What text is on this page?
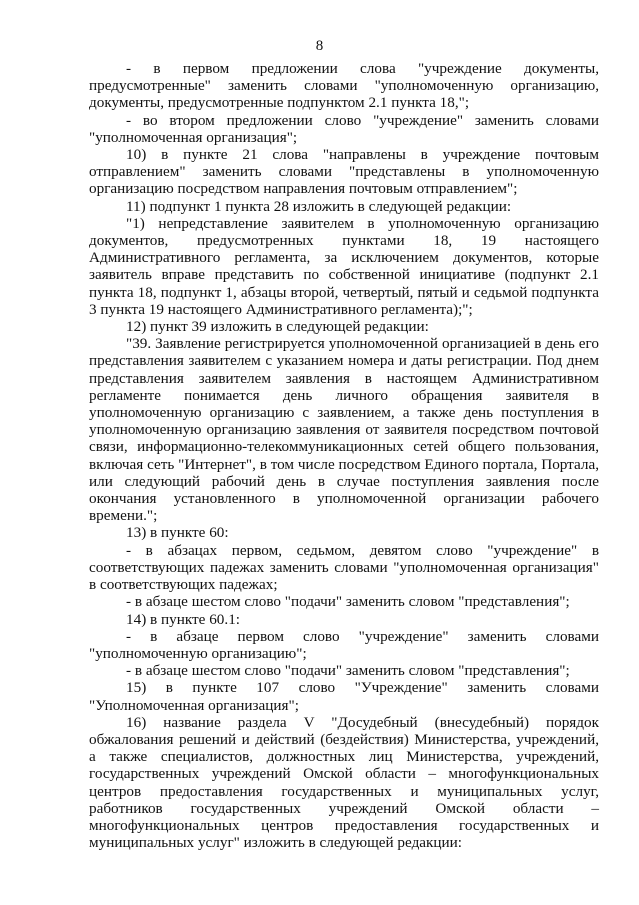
8

- в первом предложении слова "учреждение документы, предусмотренные" заменить словами "уполномоченную организацию, документы, предусмотренные подпунктом 2.1 пункта 18,";

- во втором предложении слово "учреждение" заменить словами "уполномоченная организация";

10) в пункте 21 слова "направлены в учреждение почтовым отправлением" заменить словами "представлены в уполномоченную организацию посредством направления почтовым отправлением";

11) подпункт 1 пункта 28 изложить в следующей редакции:

"1) непредставление заявителем в уполномоченную организацию документов, предусмотренных пунктами 18, 19 настоящего Административного регламента, за исключением документов, которые заявитель вправе представить по собственной инициативе (подпункт 2.1 пункта 18, подпункт 1, абзацы второй, четвертый, пятый и седьмой подпункта 3 пункта 19 настоящего Административного регламента);";

12) пункт 39 изложить в следующей редакции:

"39. Заявление регистрируется уполномоченной организацией в день его представления заявителем с указанием номера и даты регистрации. Под днем представления заявителем заявления в настоящем Административном регламенте понимается день личного обращения заявителя в уполномоченную организацию с заявлением, а также день поступления в уполномоченную организацию заявления от заявителя посредством почтовой связи, информационно-телекоммуникационных сетей общего пользования, включая сеть "Интернет", в том числе посредством Единого портала, Портала, или следующий рабочий день в случае поступления заявления после окончания установленного в уполномоченной организации рабочего времени.";

13) в пункте 60:

- в абзацах первом, седьмом, девятом слово "учреждение" в соответствующих падежах заменить словами "уполномоченная организация" в соответствующих падежах;

- в абзаце шестом слово "подачи" заменить словом "представления";

14) в пункте 60.1:

- в абзаце первом слово "учреждение" заменить словами "уполномоченную организацию";

- в абзаце шестом слово "подачи" заменить словом "представления";

15) в пункте 107 слово "Учреждение" заменить словами "Уполномоченная организация";

16) название раздела V "Досудебный (внесудебный) порядок обжалования решений и действий (бездействия) Министерства, учреждений, а также специалистов, должностных лиц Министерства, учреждений, государственных учреждений Омской области – многофункциональных центров предоставления государственных и муниципальных услуг, работников государственных учреждений Омской области – многофункциональных центров предоставления государственных и муниципальных услуг" изложить в следующей редакции:
